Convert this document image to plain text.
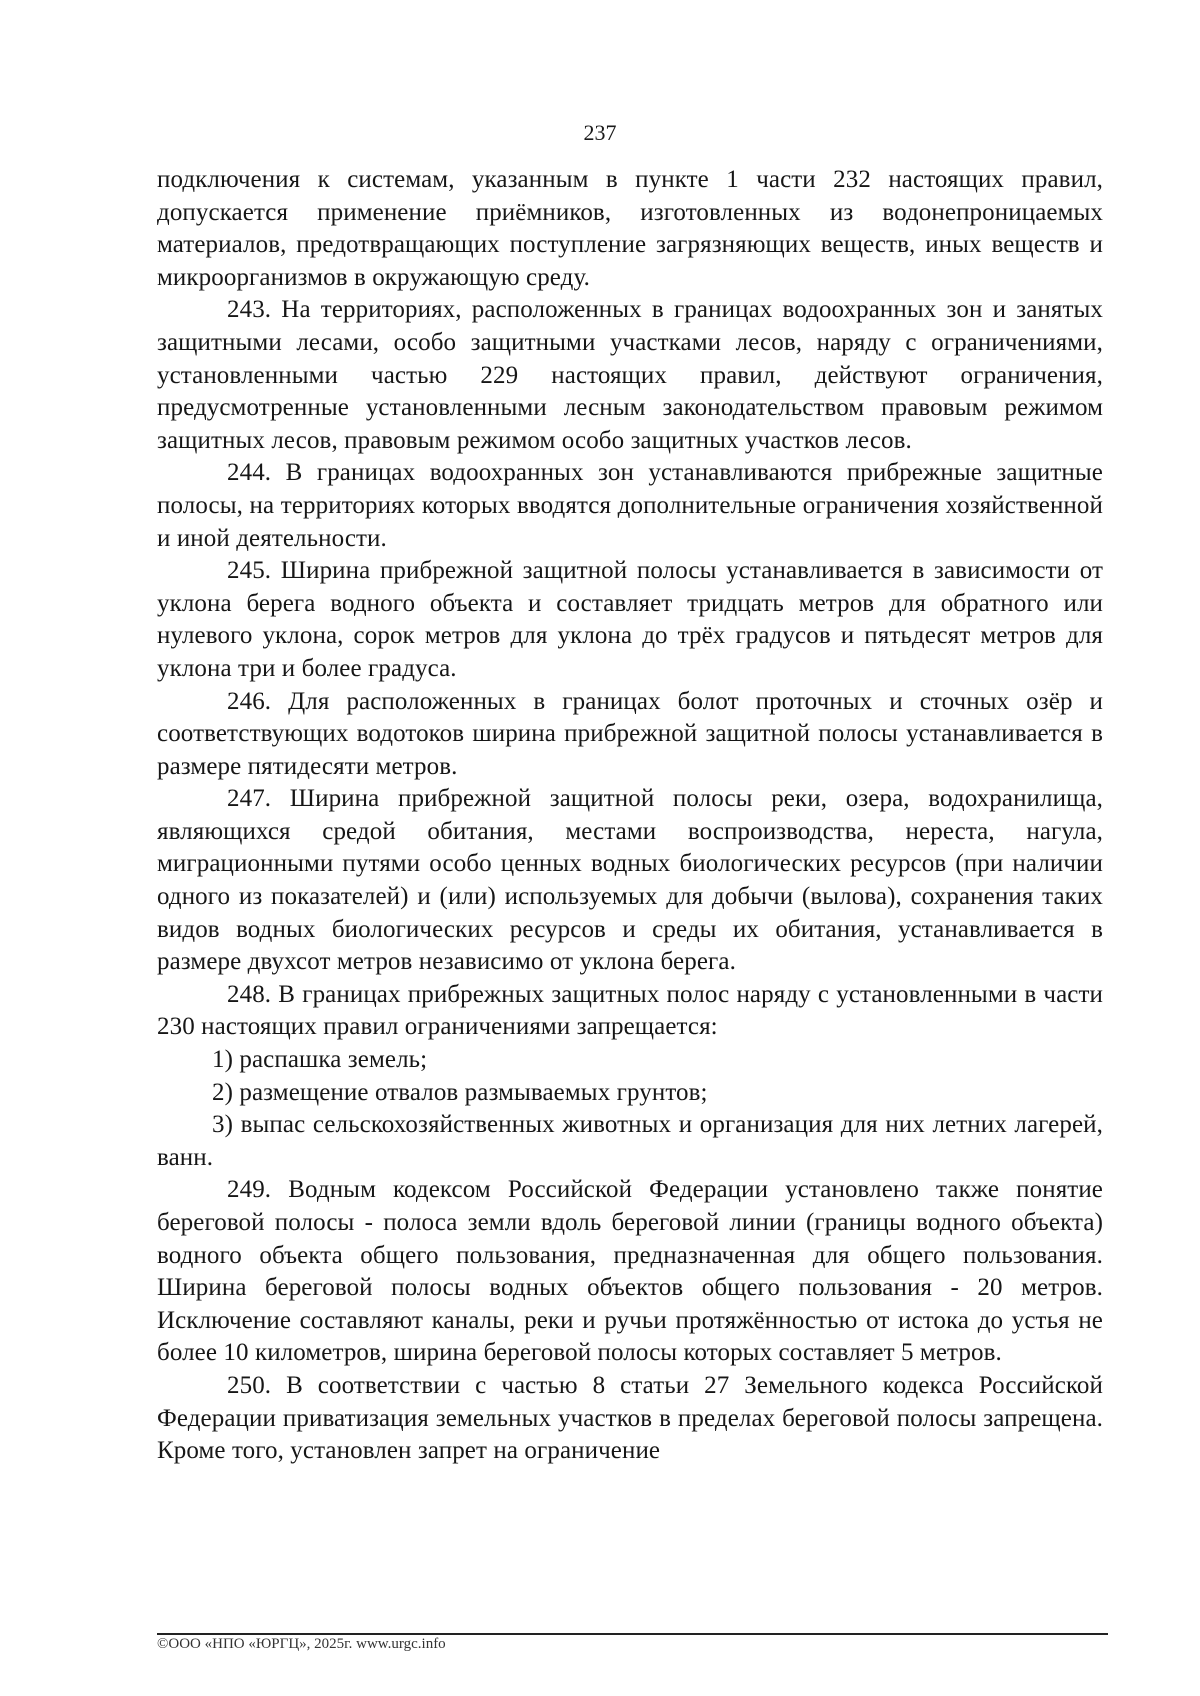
237

подключения к системам, указанным в пункте 1 части 232 настоящих правил, допускается применение приёмников, изготовленных из водонепроницаемых материалов, предотвращающих поступление загрязняющих веществ, иных веществ и микроорганизмов в окружающую среду.

243. На территориях, расположенных в границах водоохранных зон и занятых защитными лесами, особо защитными участками лесов, наряду с ограничениями, установленными частью 229 настоящих правил, действуют ограничения, предусмотренные установленными лесным законодательством правовым режимом защитных лесов, правовым режимом особо защитных участков лесов.

244. В границах водоохранных зон устанавливаются прибрежные защитные полосы, на территориях которых вводятся дополнительные ограничения хозяйственной и иной деятельности.

245. Ширина прибрежной защитной полосы устанавливается в зависимости от уклона берега водного объекта и составляет тридцать метров для обратного или нулевого уклона, сорок метров для уклона до трёх градусов и пятьдесят метров для уклона три и более градуса.

246. Для расположенных в границах болот проточных и сточных озёр и соответствующих водотоков ширина прибрежной защитной полосы устанавливается в размере пятидесяти метров.

247. Ширина прибрежной защитной полосы реки, озера, водохранилища, являющихся средой обитания, местами воспроизводства, нереста, нагула, миграционными путями особо ценных водных биологических ресурсов (при наличии одного из показателей) и (или) используемых для добычи (вылова), сохранения таких видов водных биологических ресурсов и среды их обитания, устанавливается в размере двухсот метров независимо от уклона берега.

248. В границах прибрежных защитных полос наряду с установленными в части 230 настоящих правил ограничениями запрещается:

1) распашка земель;

2) размещение отвалов размываемых грунтов;

3) выпас сельскохозяйственных животных и организация для них летних лагерей, ванн.

249. Водным кодексом Российской Федерации установлено также понятие береговой полосы - полоса земли вдоль береговой линии (границы водного объекта) водного объекта общего пользования, предназначенная для общего пользования. Ширина береговой полосы водных объектов общего пользования - 20 метров. Исключение составляют каналы, реки и ручьи протяжённостью от истока до устья не более 10 километров, ширина береговой полосы которых составляет 5 метров.

250. В соответствии с частью 8 статьи 27 Земельного кодекса Российской Федерации приватизация земельных участков в пределах береговой полосы запрещена. Кроме того, установлен запрет на ограничение

©ООО «НПО «ЮРГЦ», 2025г. www.urgc.info
